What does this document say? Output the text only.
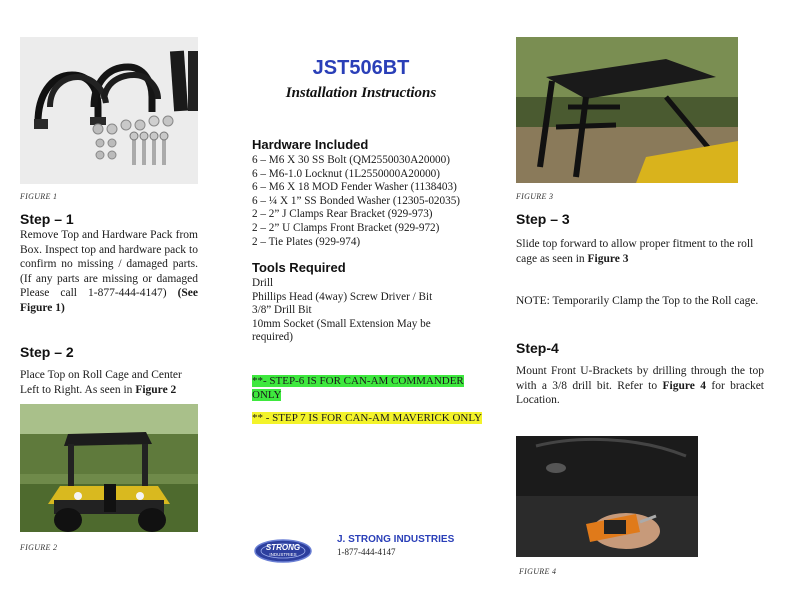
FIGURE 1
Step – 1
Remove Top and Hardware Pack from Box. Inspect top and hardware pack to confirm no missing / damaged parts. (If any parts are missing or damaged Please call 1-877-444-4147) (See Figure 1)
Step – 2
Place Top on Roll Cage and Center Left to Right. As seen in Figure 2
FIGURE 2
JST506BT
Installation Instructions
Hardware Included
6 – M6 X 30 SS Bolt (QM2550030A20000)
6 – M6-1.0 Locknut (1L2550000A20000)
6 – M6 X 18 MOD Fender Washer (1138403)
6 – ¼ X 1” SS Bonded Washer (12305-02035)
2 – 2” J Clamps Rear Bracket (929-973)
2 – 2” U Clamps Front Bracket (929-972)
2 – Tie Plates (929-974)
Tools Required
Drill
Phillips Head (4way) Screw Driver / Bit
3/8” Drill Bit
10mm Socket (Small Extension May be required)
**- STEP-6 IS FOR CAN-AM COMMANDER
ONLY
** - STEP 7 IS FOR CAN-AM MAVERICK ONLY
STRONG
INDUSTRIES
J. STRONG INDUSTRIES
1-877-444-4147
FIGURE 3
Step – 3
Slide top forward to allow proper fitment to the roll cage as seen in Figure 3
NOTE: Temporarily Clamp the Top to the Roll cage.
Step-4
Mount Front U-Brackets by drilling through the top with a 3/8 drill bit. Refer to Figure 4 for bracket Location.
FIGURE 4
